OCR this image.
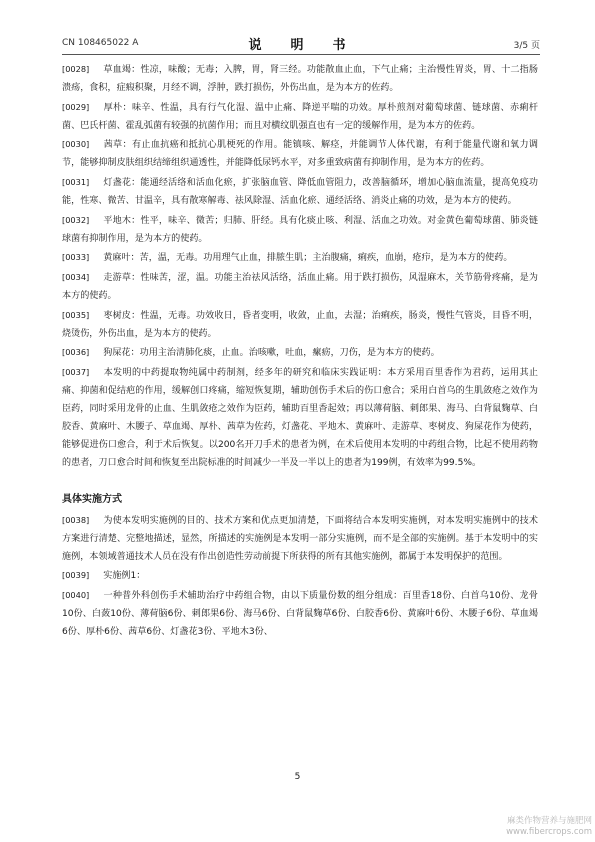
CN 108465022 A	说　明　书	3/5 页

[0028] 草血竭：性凉，味酸；无毒；入脾，胃，肾三经。功能散血止血，下气止痛；主治慢性胃炎，胃、十二指肠溃疡，食积，症瘕积聚，月经不调，浮肿，跌打损伤，外伤出血，是为本方的佐药。

[0029] 厚朴：味辛、性温，具有行气化湿、温中止痛、降逆平喘的功效。厚朴煎剂对葡萄球菌、链球菌、赤痢杆菌、巴氏杆菌、霍乱弧菌有较强的抗菌作用；而且对横纹肌强直也有一定的缓解作用，是为本方的佐药。

[0030] 茜草：有止血抗癌和抵抗心肌梗死的作用。能镇咳、解痉，并能调节人体代谢，有利于能量代谢和氧力调节，能够抑制皮肤组织结缔组织通透性，并能降低尿钙水平，对多重致病菌有抑制作用，是为本方的佐药。

[0031] 灯盏花：能通经活络和活血化瘀，扩张脑血管、降低血管阻力，改善脑循环，增加心脑血流量，提高免疫功能，性寒、微苦、甘温辛，具有散寒解毒、祛风除湿、活血化瘀、通经活络、消炎止痛的功效，是为本方的使药。

[0032] 平地木：性平，味辛、微苦；归肺、肝经。具有化痰止咳、利湿、活血之功效。对金黄色葡萄球菌、肺炎链球菌有抑制作用，是为本方的使药。

[0033] 黄麻叶：苦，温，无毒。功用理气止血，排脓生肌；主治腹痛，痢疾，血崩，疮疖，是为本方的使药。

[0034] 走游草：性味苦，涩，温。功能主治祛风活络，活血止痛。用于跌打损伤，风湿麻木，关节筋骨疼痛，是为本方的使药。

[0035] 枣树皮：性温，无毒。功效收日，昏者变明，收敛，止血，去湿；治痢疾，肠炎，慢性气管炎，目昏不明，烧烫伤，外伤出血，是为本方的使药。

[0036] 狗屎花：功用主治清肺化痰，止血。治咳嗽，吐血，瘰疬，刀伤，是为本方的使药。

[0037] 本发明的中药提取物纯属中药制剂，经多年的研究和临床实践证明：本方采用百里香作为君药，运用其止痛、抑菌和促结疤的作用，缓解创口疼痛，缩短恢复期，辅助创伤手术后的伤口愈合；采用白首乌的生肌敛疮之效作为臣药，同时采用龙骨的止血、生肌敛疮之效作为臣药，辅助百里香起效；再以薄荷脑、刺郎果、海马、白背鼠麴草、白胶香、黄麻叶、木腰子、草血竭、厚朴、茜草为佐药，灯盏花、平地木、黄麻叶、走游草、枣树皮、狗屎花作为使药，能够促进伤口愈合，利于术后恢复。以200名开刀手术的患者为例，在术后使用本发明的中药组合物，比起不使用药物的患者，刀口愈合时间和恢复至出院标准的时间减少一半及一半以上的患者为199例，有效率为99.5%。

具体实施方式

[0038] 为使本发明实施例的目的、技术方案和优点更加清楚，下面将结合本发明实施例，对本发明实施例中的技术方案进行清楚、完整地描述，显然，所描述的实施例是本发明一部分实施例，而不是全部的实施例。基于本发明中的实施例，本领域普通技术人员在没有作出创造性劳动前提下所获得的所有其他实施例，都属于本发明保护的范围。

[0039] 实施例1：

[0040] 一种普外科创伤手术辅助治疗中药组合物，由以下质量份数的组分组成：百里香18份、白首乌10份、龙骨10份、白蔹10份、薄荷脑6份、刺郎果6份、海马6份、白背鼠麴草6份、白胶香6份、黄麻叶6份、木腰子6份、草血竭6份、厚朴6份、茜草6份、灯盏花3份、平地木3份、

5
麻类作物营养与施肥网
www.fibercrops.com
